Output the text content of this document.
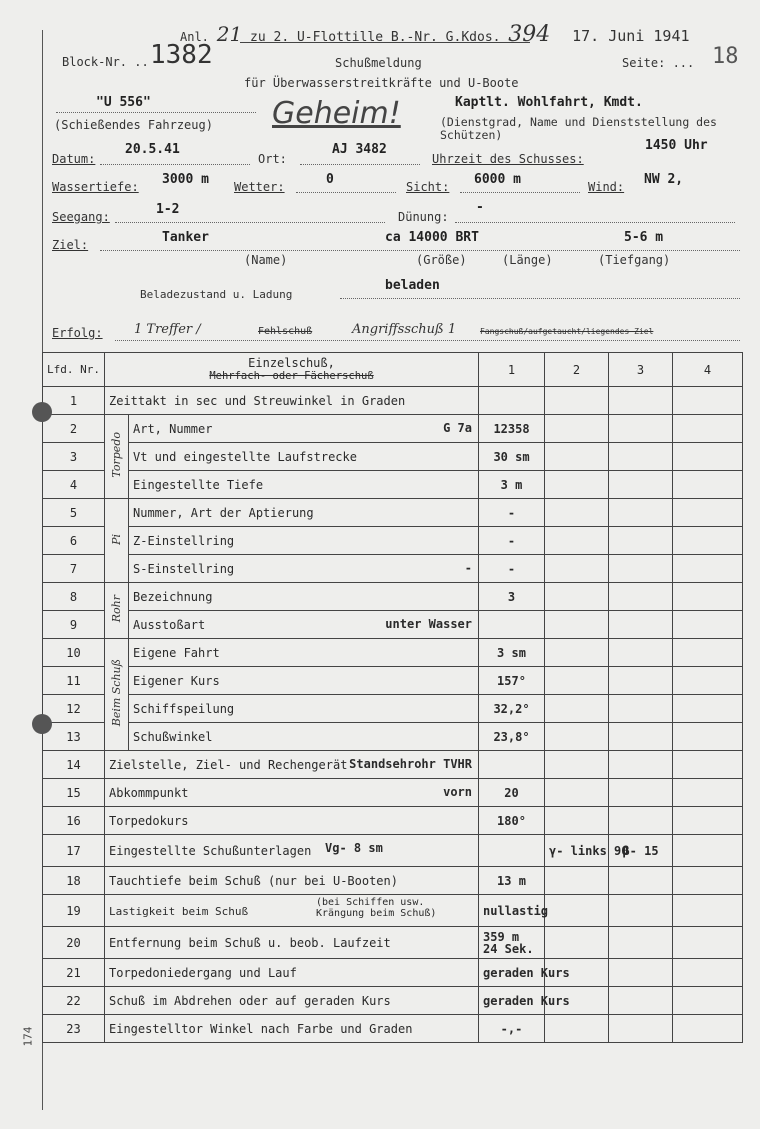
Anl. 21 zu 2. U-Flottille B.-Nr. G.Kdos. 394 17. Juni 1941
Block-Nr. .. 1382	Schußmeldung
für Überwasserstreitkräfte und U-Boote
Seite: ... 18
"U 556"
(Schießendes Fahrzeug) Geheim!	Kaptlt. Wohlfahrt, Kmdt.
(Dienstgrad, Name und Dienststellung des Schützen)
Datum:
20.5.41
Ort:
AJ 3482
Uhrzeit des Schusses:
1450 Uhr
Wassertiefe: 3000 m Wetter:	0	Sicht: 6000 m	Wind: NW 2,
Seegang:	1-2	Dünung:
-
Ziel:	Tanker	ca 14000 BRT	5-6 m
(Name)	(Größe)	(Länge)	(Tiefgang)
Beladezustand u. Ladung
beladen
Erfolg: 1 Treffer /	Fehlschuß	Angriffsschuß 1	Fangschuß/aufgetaucht/liegendes Ziel
Lfd. Nr.	Einzelschuß,
Mehrfach- oder Fächerschuß		1	2	3	4
1	Zeittakt in sec und Streuwinkel in Graden					
2	Torpedo	Art, Nummer G 7a	12358			
3		Vt und eingestellte Laufstrecke	30 sm			
4		Eingestellte Tiefe	3 m			
5	Pi	Nummer, Art der Aptierung	-			
6		Z-Einstellring	-			
7		S-Einstellring -	-			
8	Rohr	Bezeichnung	3			
9		Ausstoßart unter Wasser				

10	Beim Schuß	Eigene Fahrt	3 sm			
11		Eigener Kurs	157°			
12		Schiffspeilung	32,2°			
13		Schußwinkel	23,8°			
14	Zielstelle, Ziel- und Rechengerät Standsehrohr TVHR					

15	Abkommpunkt vorn		20			
16	Torpedokurs		180°			
17	Eingestellte Schußunterlagen Vg- 8 sm			γ- links 90	β- 15	
18	Tauchtiefe beim Schuß (nur bei U-Booten)		13 m			
19	Lastigkeit beim Schuß
(bei Schiffen usw. Krängung beim Schuß)		nullastig			
20	Entfernung beim Schuß u. beob. Laufzeit		359 m 24 Sek.			
21	Torpedoniedergang und Lauf		geraden Kurs			
22	Schuß im Abdrehen oder auf geraden Kurs		geraden Kurs			
23	Eingestelltor Winkel nach Farbe und Graden		-,-			
174
